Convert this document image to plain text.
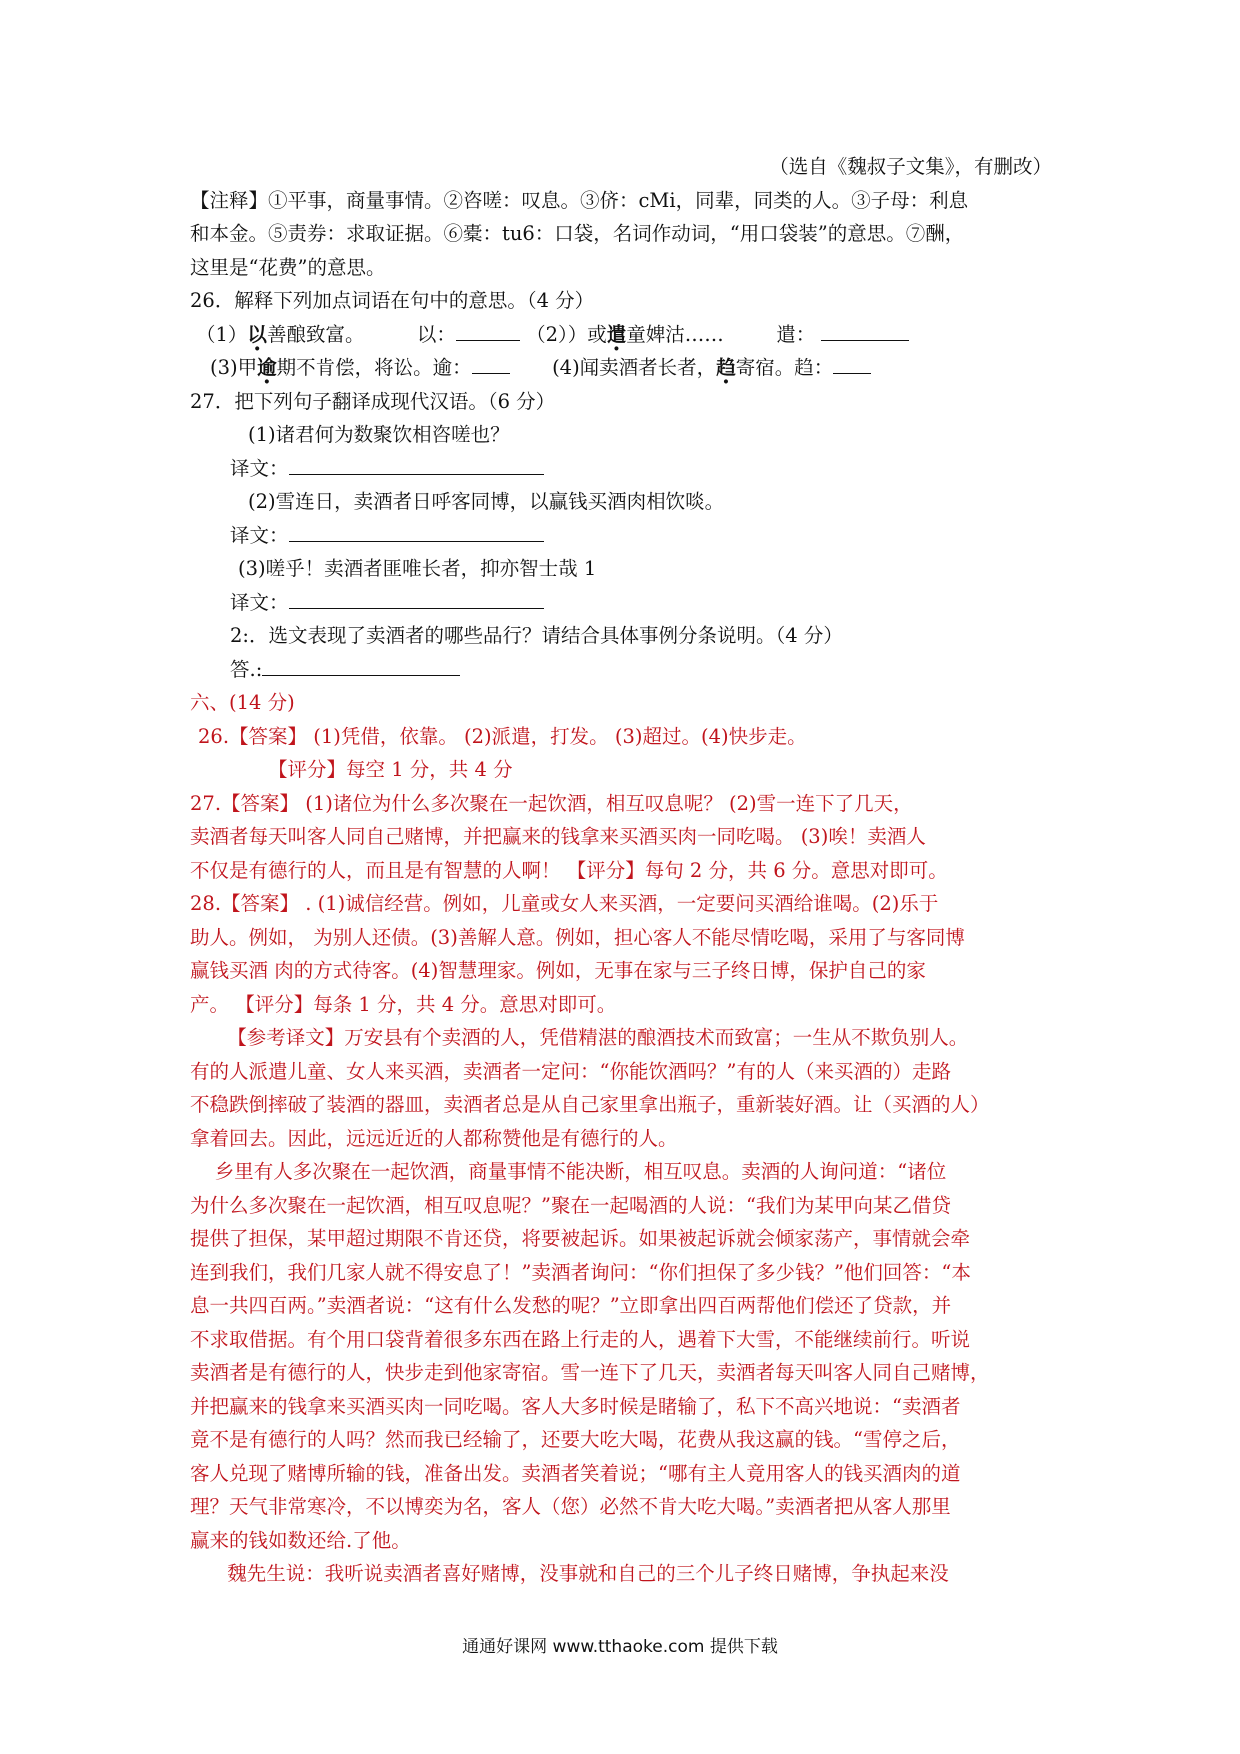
（选自《魏叔子文集》，有删改）
【注释】①平事，商量事情。②咨嗟：叹息。③侪：cMi，同辈，同类的人。③子母：利息
和本金。⑤责券：求取证据。⑥橐：tu6：口袋，名词作动词，“用口袋装”的意思。⑦酬，
这里是“花费”的意思。
26．解释下列加点词语在句中的意思。（4 分）
（1）以善酿致富。	以：	（2））或遣童婢沽……	遣：
(3)甲逾期不肯偿，将讼。逾：	(4)闻卖酒者长者，趋寄宿。趋：
27．把下列句子翻译成现代汉语。（6 分）
(1)诸君何为数聚饮相咨嗟也？
译文：
(2)雪连日，卖酒者日呼客同博，以赢钱买酒肉相饮啖。
译文：
(3)嗟乎！卖酒者匪唯长者，抑亦智士哉 1
译文：
2:．选文表现了卖酒者的哪些品行？请结合具体事例分条说明。（4 分）
答.:
六、(14 分)
26.【答案】 (1)凭借，依靠。 (2)派遣，打发。 (3)超过。(4)快步走。
【评分】每空 1 分，共 4 分
27.【答案】 (1)诸位为什么多次聚在一起饮酒，相互叹息呢？ (2)雪一连下了几天，
卖酒者每天叫客人同自己赌博，并把赢来的钱拿来买酒买肉一同吃喝。 (3)唉！卖酒人
不仅是有德行的人，而且是有智慧的人啊！ 【评分】每句 2 分，共 6 分。意思对即可。
28.【答案】 . (1)诚信经营。例如，儿童或女人来买酒，一定要问买酒给谁喝。(2)乐于
助人。例如， 为别人还债。(3)善解人意。例如，担心客人不能尽情吃喝，采用了与客同博
赢钱买酒 肉的方式待客。(4)智慧理家。例如，无事在家与三子终日博，保护自己的家
产。 【评分】每条 1 分，共 4 分。意思对即可。
【参考译文】万安县有个卖酒的人，凭借精湛的酿酒技术而致富；一生从不欺负别人。
有的人派遣儿童、女人来买酒，卖酒者一定问：“你能饮酒吗？”有的人（来买酒的）走路
不稳跌倒摔破了装酒的器皿，卖酒者总是从自己家里拿出瓶子，重新装好酒。让（买酒的人）
拿着回去。因此，远远近近的人都称赞他是有德行的人。
乡里有人多次聚在一起饮酒，商量事情不能决断，相互叹息。卖酒的人询问道：“诸位
为什么多次聚在一起饮酒，相互叹息呢？”聚在一起喝酒的人说：“我们为某甲向某乙借贷
提供了担保，某甲超过期限不肯还贷，将要被起诉。如果被起诉就会倾家荡产，事情就会牵
连到我们，我们几家人就不得安息了！”卖酒者询问：“你们担保了多少钱？”他们回答：“本
息一共四百两。”卖酒者说：“这有什么发愁的呢？”立即拿出四百两帮他们偿还了贷款，并
不求取借据。有个用口袋背着很多东西在路上行走的人，遇着下大雪，不能继续前行。听说
卖酒者是有德行的人，快步走到他家寄宿。雪一连下了几天，卖酒者每天叫客人同自己赌博，
并把赢来的钱拿来买酒买肉一同吃喝。客人大多时候是睹输了，私下不高兴地说：“卖酒者
竟不是有德行的人吗？然而我已经输了，还要大吃大喝，花费从我这赢的钱。“雪停之后，
客人兑现了赌博所输的钱，准备出发。卖酒者笑着说；“哪有主人竟用客人的钱买酒肉的道
理？天气非常寒冷，不以博奕为名，客人（您）必然不肯大吃大喝。”卖酒者把从客人那里
赢来的钱如数还给.了他。
魏先生说：我听说卖酒者喜好赌博，没事就和自己的三个儿子终日赌博，争执起来没
通通好课网 www.tthaoke.com 提供下载
